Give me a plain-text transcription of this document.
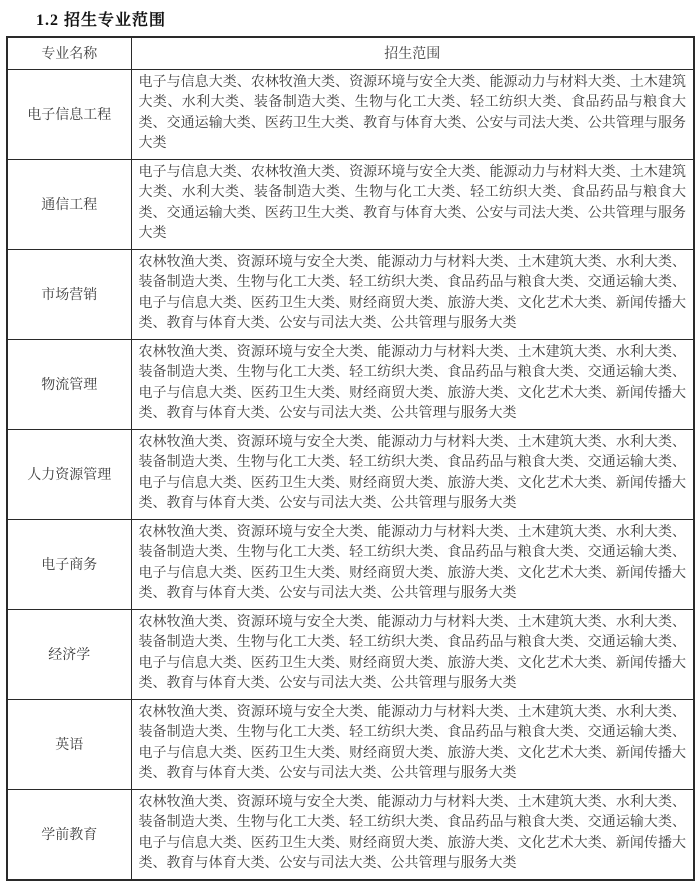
1.2 招生专业范围
专业名称	招生范围
电子信息工程	电子与信息大类、农林牧渔大类、资源环境与安全大类、能源动力与材料大类、土木建筑大类、水利大类、装备制造大类、生物与化工大类、轻工纺织大类、食品药品与粮食大类、交通运输大类、医药卫生大类、教育与体育大类、公安与司法大类、公共管理与服务大类
通信工程	电子与信息大类、农林牧渔大类、资源环境与安全大类、能源动力与材料大类、土木建筑大类、水利大类、装备制造大类、生物与化工大类、轻工纺织大类、食品药品与粮食大类、交通运输大类、医药卫生大类、教育与体育大类、公安与司法大类、公共管理与服务大类
市场营销	农林牧渔大类、资源环境与安全大类、能源动力与材料大类、土木建筑大类、水利大类、装备制造大类、生物与化工大类、轻工纺织大类、食品药品与粮食大类、交通运输大类、电子与信息大类、医药卫生大类、财经商贸大类、旅游大类、文化艺术大类、新闻传播大类、教育与体育大类、公安与司法大类、公共管理与服务大类
物流管理	农林牧渔大类、资源环境与安全大类、能源动力与材料大类、土木建筑大类、水利大类、装备制造大类、生物与化工大类、轻工纺织大类、食品药品与粮食大类、交通运输大类、电子与信息大类、医药卫生大类、财经商贸大类、旅游大类、文化艺术大类、新闻传播大类、教育与体育大类、公安与司法大类、公共管理与服务大类
人力资源管理	农林牧渔大类、资源环境与安全大类、能源动力与材料大类、土木建筑大类、水利大类、装备制造大类、生物与化工大类、轻工纺织大类、食品药品与粮食大类、交通运输大类、电子与信息大类、医药卫生大类、财经商贸大类、旅游大类、文化艺术大类、新闻传播大类、教育与体育大类、公安与司法大类、公共管理与服务大类
电子商务	农林牧渔大类、资源环境与安全大类、能源动力与材料大类、土木建筑大类、水利大类、装备制造大类、生物与化工大类、轻工纺织大类、食品药品与粮食大类、交通运输大类、电子与信息大类、医药卫生大类、财经商贸大类、旅游大类、文化艺术大类、新闻传播大类、教育与体育大类、公安与司法大类、公共管理与服务大类
经济学	农林牧渔大类、资源环境与安全大类、能源动力与材料大类、土木建筑大类、水利大类、装备制造大类、生物与化工大类、轻工纺织大类、食品药品与粮食大类、交通运输大类、电子与信息大类、医药卫生大类、财经商贸大类、旅游大类、文化艺术大类、新闻传播大类、教育与体育大类、公安与司法大类、公共管理与服务大类
英语	农林牧渔大类、资源环境与安全大类、能源动力与材料大类、土木建筑大类、水利大类、装备制造大类、生物与化工大类、轻工纺织大类、食品药品与粮食大类、交通运输大类、电子与信息大类、医药卫生大类、财经商贸大类、旅游大类、文化艺术大类、新闻传播大类、教育与体育大类、公安与司法大类、公共管理与服务大类
学前教育	农林牧渔大类、资源环境与安全大类、能源动力与材料大类、土木建筑大类、水利大类、装备制造大类、生物与化工大类、轻工纺织大类、食品药品与粮食大类、交通运输大类、电子与信息大类、医药卫生大类、财经商贸大类、旅游大类、文化艺术大类、新闻传播大类、教育与体育大类、公安与司法大类、公共管理与服务大类
